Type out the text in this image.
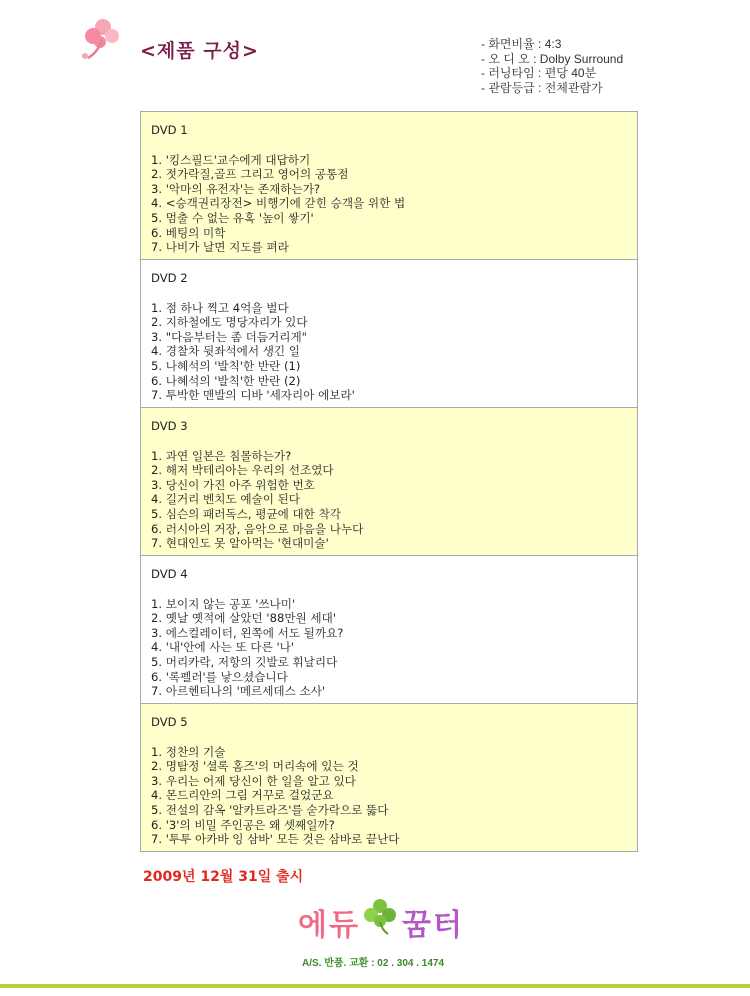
<제품 구성>	- 화면비율 : 4:3
- 오 디 오 : Dolby Surround
- 러닝타임 : 편당 40분
- 관람등급 : 전체관람가
DVD 1
1. '킹스필드'교수에게 대답하기
2. 젓가락질,골프 그리고 영어의 공통점
3. '악마의 유전자'는 존재하는가?
4. <승객권리장전> 비행기에 갇힌 승객을 위한 법
5. 멈출 수 없는 유혹 '높이 쌓기'
6. 베팅의 미학
7. 나비가 날면 지도를 펴라
DVD 2
1. 점 하나 찍고 4억을 벌다
2. 지하철에도 명당자리가 있다
3. "다음부터는 좀 더듬거리게"
4. 경찰차 뒷좌석에서 생긴 일
5. 나혜석의 '발칙'한 반란 (1)
6. 나혜석의 '발칙'한 반란 (2)
7. 투박한 맨발의 디바 '세자리아 에보라'
DVD 3
1. 과연 일본은 침몰하는가?
2. 해저 박테리아는 우리의 선조였다
3. 당신이 가진 아주 위험한 번호
4. 길거리 벤치도 예술이 된다
5. 심슨의 패러독스, 평균에 대한 착각
6. 러시아의 거장, 음악으로 마음을 나누다
7. 현대인도 못 알아먹는 '현대미술'
DVD 4
1. 보이지 않는 공포 '쓰나미'
2. 옛날 옛적에 살았던 '88만원 세대'
3. 에스컬레이터, 왼쪽에 서도 될까요?
4. '내'안에 사는 또 다른 '나'
5. 머리카락, 저항의 깃발로 휘날리다
6. '록펠러'를 낳으셨습니다
7. 아르헨티나의 '메르세데스 소사'
DVD 5
1. 정찬의 기술
2. 명탐정 '셜록 홈즈'의 머리속에 있는 것
3. 우리는 어제 당신이 한 일을 알고 있다
4. 몬드리안의 그림 거꾸로 걸었군요
5. 전설의 감옥 '알카트라즈'를 숟가락으로 뚫다
6. '3'의 비밀 주인공은 왜 셋째일까?
7. '투투 아카바 잉 삼바' 모든 것은 삼바로 끝난다
2009년 12월 31일 출시
에듀 꿈터
A/S. 반품. 교환 : 02 . 304 . 1474
